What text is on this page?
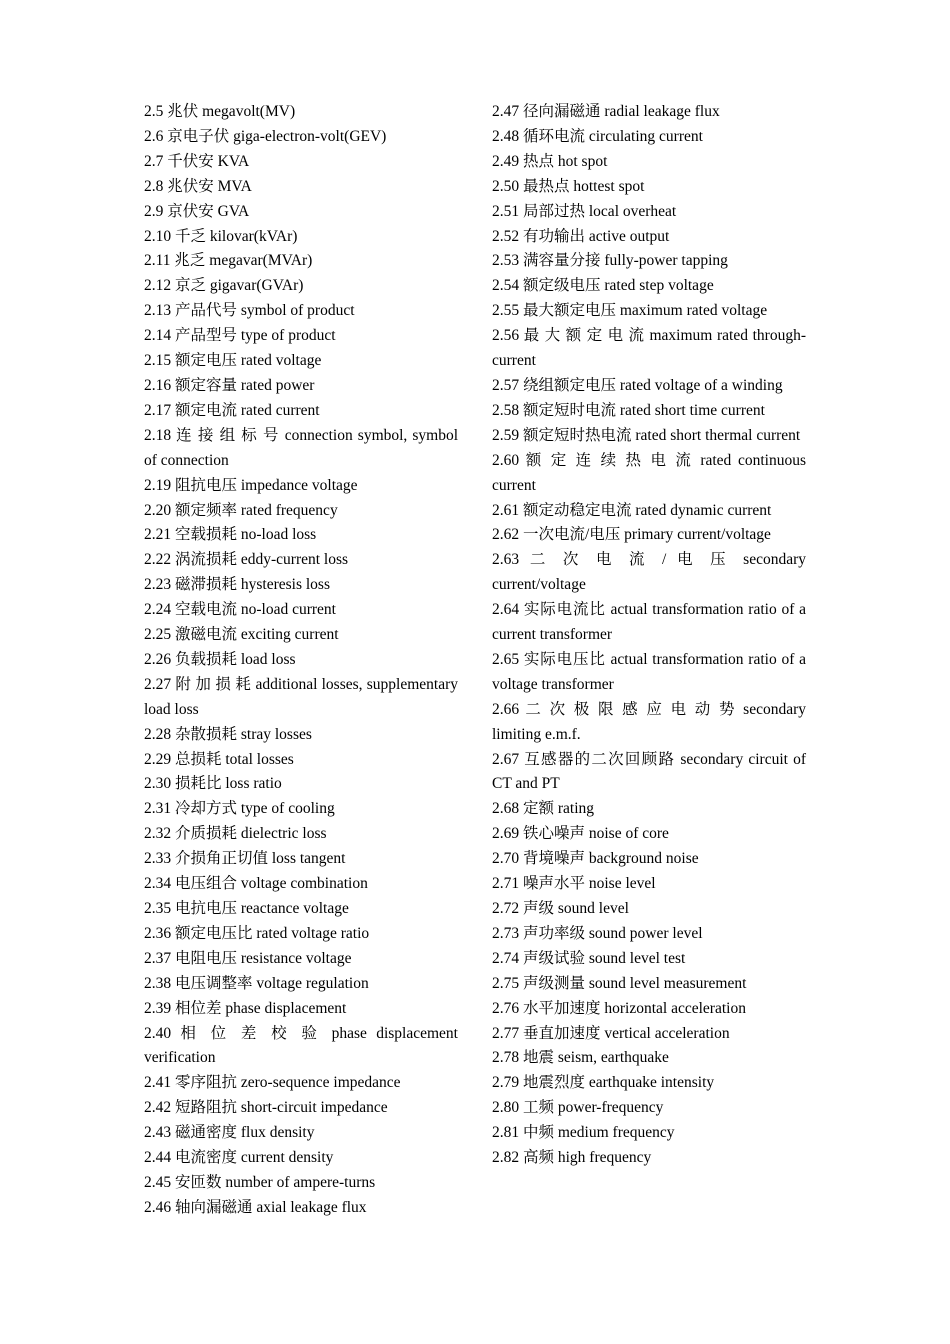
2.5 兆伏 megavolt(MV)
2.6 京电子伏 giga-electron-volt(GEV)
2.7 千伏安 KVA
2.8 兆伏安 MVA
2.9 京伏安 GVA
2.10 千乏 kilovar(kVAr)
2.11 兆乏 megavar(MVAr)
2.12 京乏 gigavar(GVAr)
2.13 产品代号 symbol of product
2.14 产品型号 type of product
2.15 额定电压 rated voltage
2.16 额定容量 rated power
2.17 额定电流 rated current
2.18 连 接 组 标 号 connection symbol, symbol of connection
2.19 阻抗电压 impedance voltage
2.20 额定频率 rated frequency
2.21 空载损耗 no-load loss
2.22 涡流损耗 eddy-current loss
2.23 磁滞损耗 hysteresis loss
2.24 空载电流 no-load current
2.25 激磁电流 exciting current
2.26 负载损耗 load loss
2.27 附 加 损 耗 additional losses, supplementary load loss
2.28 杂散损耗 stray losses
2.29 总损耗 total losses
2.30 损耗比 loss ratio
2.31 冷却方式 type of cooling
2.32 介质损耗 dielectric loss
2.33 介损角正切值 loss tangent
2.34 电压组合 voltage combination
2.35 电抗电压 reactance voltage
2.36 额定电压比 rated voltage ratio
2.37 电阻电压 resistance voltage
2.38 电压调整率 voltage regulation
2.39 相位差 phase displacement
2.40 相 位 差 校 验 phase displacement verification
2.41 零序阻抗 zero-sequence impedance
2.42 短路阻抗 short-circuit impedance
2.43 磁通密度 flux density
2.44 电流密度 current density
2.45 安匝数 number of ampere-turns
2.46 轴向漏磁通 axial leakage flux
2.47 径向漏磁通 radial leakage flux
2.48 循环电流 circulating current
2.49 热点 hot spot
2.50 最热点 hottest spot
2.51 局部过热 local overheat
2.52 有功输出 active output
2.53 满容量分接 fully-power tapping
2.54 额定级电压 rated step voltage
2.55 最大额定电压 maximum rated voltage
2.56 最 大 额 定 电 流 maximum rated through-current
2.57 绕组额定电压 rated voltage of a winding
2.58 额定短时电流 rated short time current
2.59 额定短时热电流 rated short thermal current
2.60 额 定 连 续 热 电 流 rated continuous current
2.61 额定动稳定电流 rated dynamic current
2.62 一次电流/电压 primary current/voltage
2.63 二 次 电 流 / 电 压 secondary current/voltage
2.64 实际电流比 actual transformation ratio of a current transformer
2.65 实际电压比 actual transformation ratio of a voltage transformer
2.66 二 次 极 限 感 应 电 动 势 secondary limiting e.m.f.
2.67 互感器的二次回顾路 secondary circuit of CT and PT
2.68 定额 rating
2.69 铁心噪声 noise of core
2.70 背境噪声 background noise
2.71 噪声水平 noise level
2.72 声级 sound level
2.73 声功率级 sound power level
2.74 声级试验 sound level test
2.75 声级测量 sound level measurement
2.76 水平加速度 horizontal acceleration
2.77 垂直加速度 vertical acceleration
2.78 地震 seism, earthquake
2.79 地震烈度 earthquake intensity
2.80 工频 power-frequency
2.81 中频 medium frequency
2.82 高频 high frequency
